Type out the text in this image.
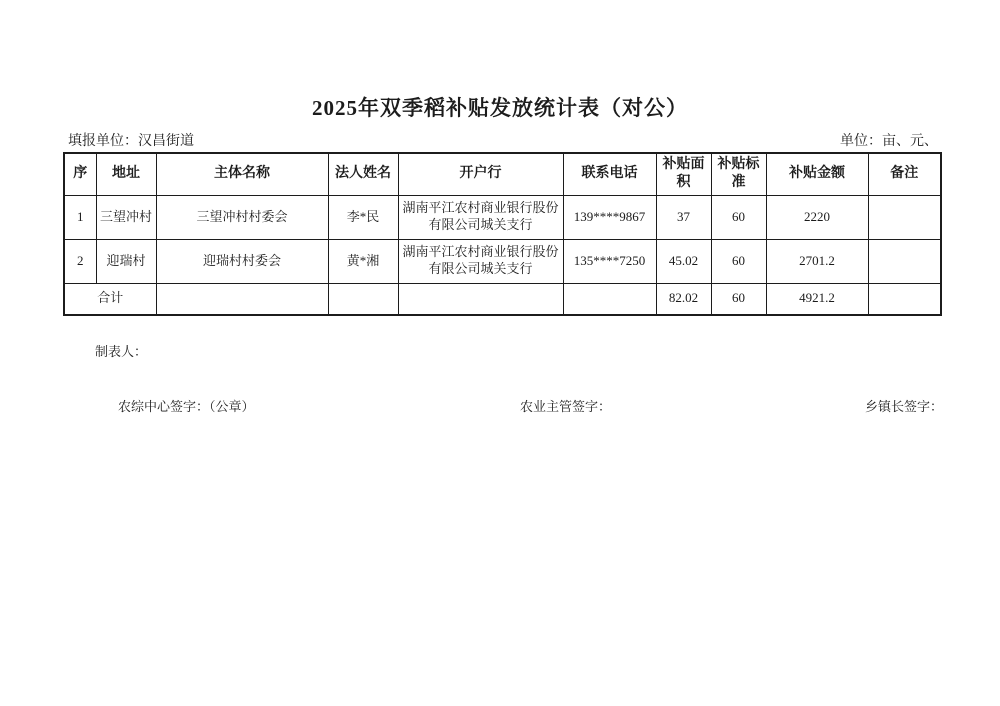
2025年双季稻补贴发放统计表（对公）
填报单位：汉昌街道	单位：亩、元、
序	地址	主体名称	法人姓名	开户行	联系电话	补贴面积	补贴标准	补贴金额	备注
1	三望冲村	三望冲村村委会	李*民	湖南平江农村商业银行股份有限公司城关支行	139****9867	37	60	2220	
2	迎瑞村	迎瑞村村委会	黄*湘	湖南平江农村商业银行股份有限公司城关支行	135****7250	45.02	60	2701.2	
合计						82.02	60	4921.2	
制表人：
农综中心签字：（公章）	农业主管签字：	乡镇长签字：
